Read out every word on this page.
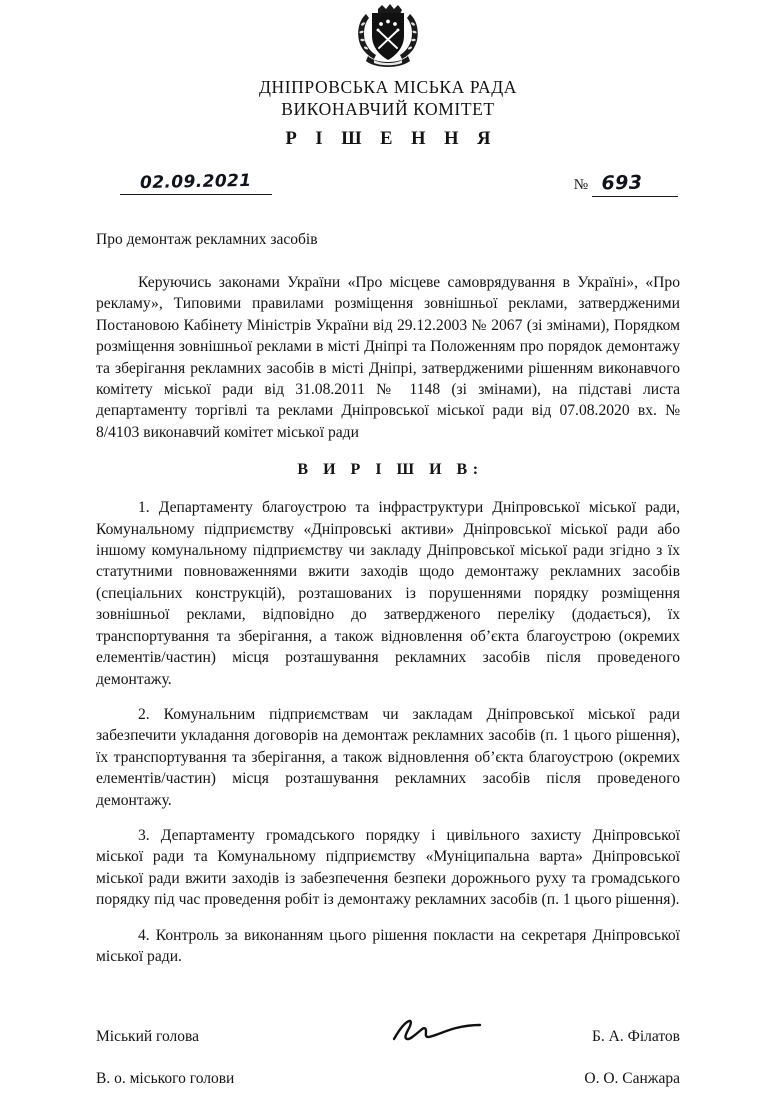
ДНІПРОВСЬКА МІСЬКА РАДА
ВИКОНАВЧИЙ КОМІТЕТ
Р І Ш Е Н Н Я
02.09.2021	№ 693
Про демонтаж рекламних засобів

Керуючись законами України «Про місцеве самоврядування в Україні», «Про рекламу», Типовими правилами розміщення зовнішньої реклами, затвердженими Постановою Кабінету Міністрів України від 29.12.2003 № 2067 (зі змінами), Порядком розміщення зовнішньої реклами в місті Дніпрі та Положенням про порядок демонтажу та зберігання рекламних засобів в місті Дніпрі, затвердженими рішенням виконавчого комітету міської ради від 31.08.2011 № 1148 (зі змінами), на підставі листа департаменту торгівлі та реклами Дніпровської міської ради від 07.08.2020 вх. № 8/4103 виконавчий комітет міської ради

В И Р І Ш И В:

1. Департаменту благоустрою та інфраструктури Дніпровської міської ради, Комунальному підприємству «Дніпровські активи» Дніпровської міської ради або іншому комунальному підприємству чи закладу Дніпровської міської ради згідно з їх статутними повноваженнями вжити заходів щодо демонтажу рекламних засобів (спеціальних конструкцій), розташованих із порушеннями порядку розміщення зовнішньої реклами, відповідно до затвердженого переліку (додається), їх транспортування та зберігання, а також відновлення об’єкта благоустрою (окремих елементів/частин) місця розташування рекламних засобів після проведеного демонтажу.

2. Комунальним підприємствам чи закладам Дніпровської міської ради забезпечити укладання договорів на демонтаж рекламних засобів (п. 1 цього рішення), їх транспортування та зберігання, а також відновлення об’єкта благоустрою (окремих елементів/частин) місця розташування рекламних засобів після проведеного демонтажу.

3. Департаменту громадського порядку і цивільного захисту Дніпровської міської ради та Комунальному підприємству «Муніципальна варта» Дніпровської міської ради вжити заходів із забезпечення безпеки дорожнього руху та громадського порядку під час проведення робіт із демонтажу рекламних засобів (п. 1 цього рішення).

4. Контроль за виконанням цього рішення покласти на секретаря Дніпровської міської ради.

Міський голова	Б. А. Філатов
В. о. міського голови	О. О. Санжара
